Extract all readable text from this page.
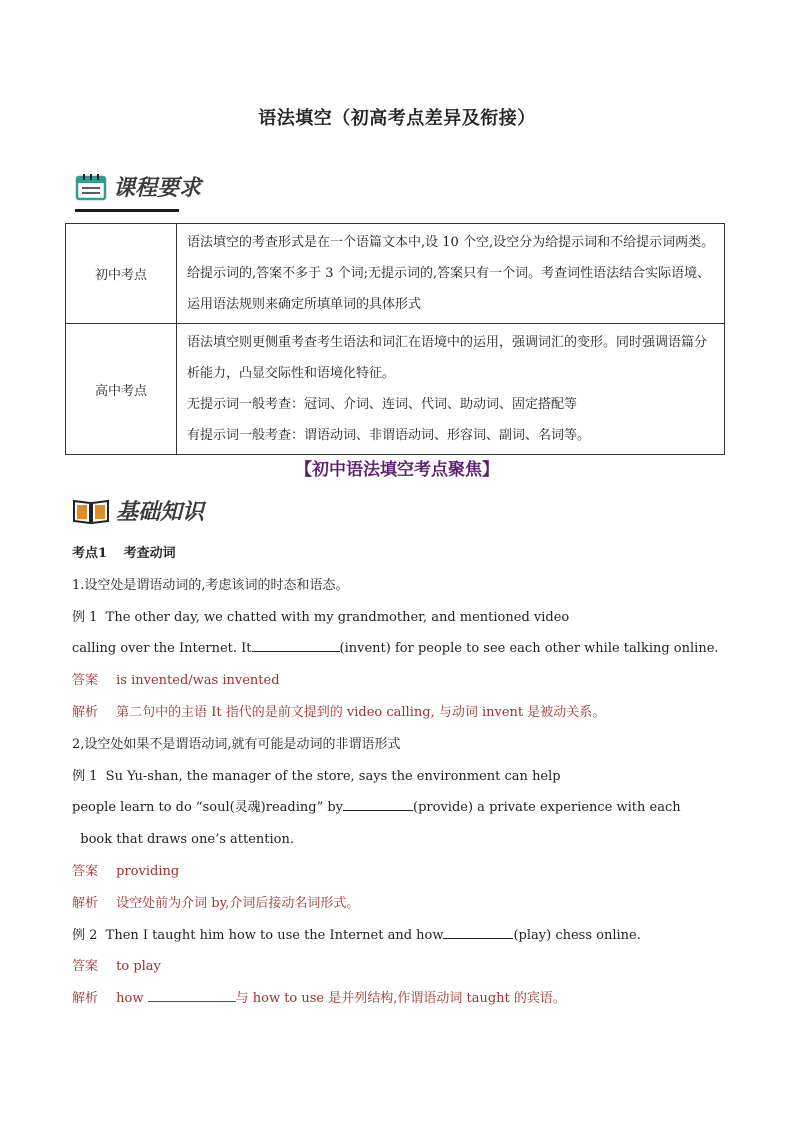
语法填空（初高考点差异及衔接）
课程要求
初中考点	语法填空的考查形式是在一个语篇文本中,设 10 个空,设空分为给提示词和不给提示词两类。给提示词的,答案不多于 3 个词;无提示词的,答案只有一个词。考查词性语法结合实际语境、运用语法规则来确定所填单词的具体形式

高中考点	语法填空则更侧重考查考生语法和词汇在语境中的运用，强调词汇的变形。同时强调语篇分析能力，凸显交际性和语境化特征。

无提示词一般考查：冠词、介词、连词、代词、助动词、固定搭配等

有提示词一般考查：谓语动词、非谓语动词、形容词、副词、名词等。

【初中语法填空考点聚焦】
基础知识

考点1 考查动词

1.设空处是谓语动词的,考虑该词的时态和语态。

例 1 The other day, we chatted with my grandmother, and mentioned video

calling over the Internet. It	(invent) for people to see each other while talking online.

答案 is invented/was invented

解析 第二句中的主语 It 指代的是前文提到的 video calling, 与动词 invent 是被动关系。

2,设空处如果不是谓语动词,就有可能是动词的非谓语形式

例 1 Su Yu-shan, the manager of the store, says the environment can help

people learn to do “soul(灵魂)reading” by	(provide) a private experience with each

book that draws one’s attention.

答案 providing

解析 设空处前为介词 by,介词后接动名词形式。

例 2 Then I taught him how to use the Internet and how	(play) chess online.

答案 to play

解析 how	与 how to use 是并列结构,作谓语动词 taught 的宾语。
